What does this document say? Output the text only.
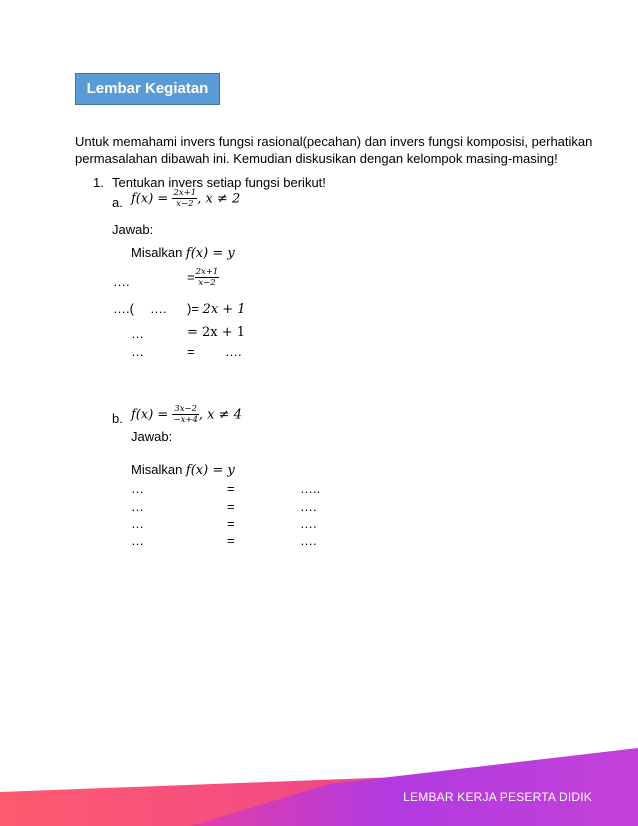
Lembar Kegiatan
Untuk memahami invers fungsi rasional(pecahan) dan invers fungsi komposisi, perhatikan
permasalahan dibawah ini. Kemudian diskusikan dengan kelompok masing-masing!
1. Tentukan invers setiap fungsi berikut!
a. $f(x) = \frac{2x+1}{x-2}$ , x ≠ 2
Jawab:
Misalkan f(x) = y
….	= $\frac{2x+1}{x-2}$
….( …. )= 2x + 1
…	= 2x + 1
…	= ….
b. $f(x) = \frac{3x-2}{-x+4}$ , x ≠ 4
Jawab:
Misalkan f(x) = y
…	=	…..
…	=	….
…	=	….
…	=	….
LEMBAR KERJA PESERTA DIDIK
